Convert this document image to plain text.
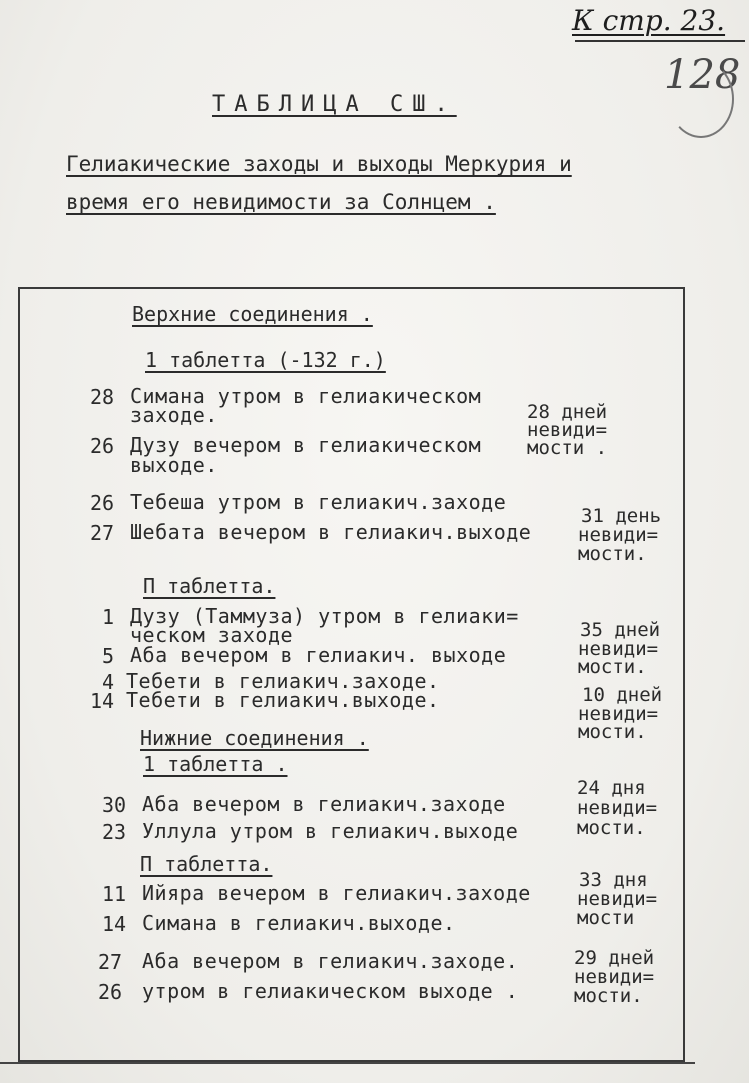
К стр. 23.
128
ТАБЛИЦА СШ.
Гелиакические заходы и выходы Меркурия и
время его невидимости за Солнцем .
Верхние соединения .
1 таблетта (-132 г.)
28 Симана утром в гелиакическом
заходе.
26 Дузу вечером в гелиакическом
выходе.
28 дней
невиди=
мости .
26 Тебеша утром в гелиакич.заходе
27 Шебата вечером в гелиакич.выходе
31 день
невиди=
мости.
П таблетта.
1 Дузу (Таммуза) утром в гелиаки=
ческом заходе
5 Аба вечером в гелиакич. выходе
35 дней
невиди=
мости.
4 Тебети в гелиакич.заходе.
14 Тебети в гелиакич.выходе.	10 дней
невиди=
мости.
Нижние соединения .
1 таблетта .
30 Аба вечером в гелиакич.заходе
23 Уллула утром в гелиакич.выходе
24 дня
невиди=
мости.
П таблетта.
11 Ийяра вечером в гелиакич.заходе
14 Симана в гелиакич.выходе.
33 дня
невиди=
мости
27 Аба вечером в гелиакич.заходе.
26 утром в гелиакическом выходе .
29 дней
невиди=
мости.
